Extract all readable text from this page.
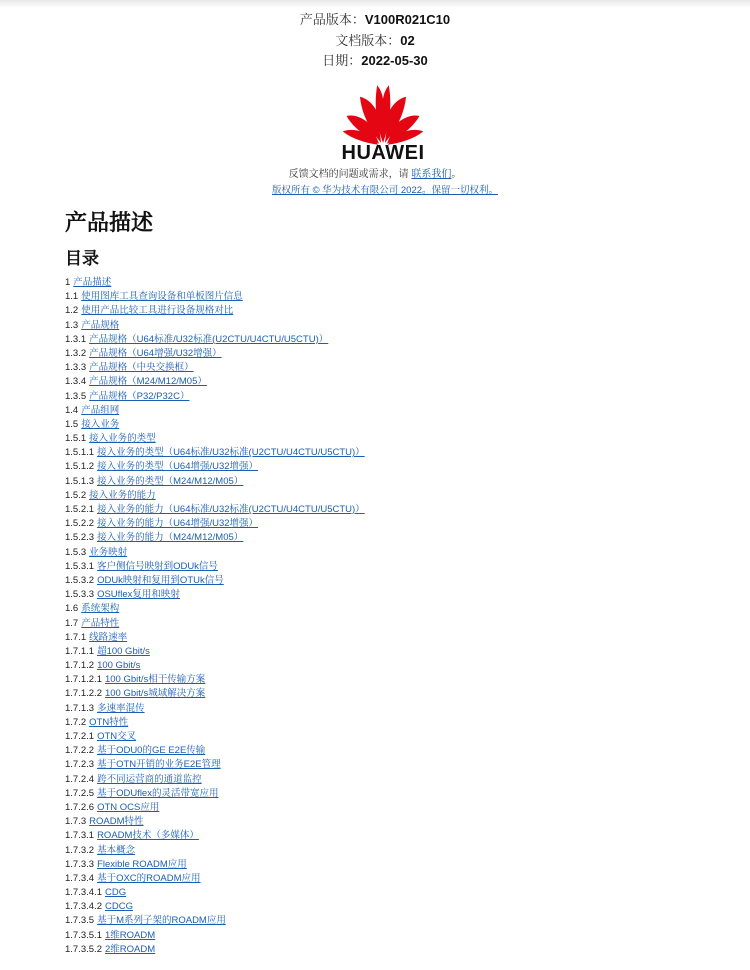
产品版本：V100R021C10
文档版本：02
日期：2022-05-30
HUAWEI
反馈文档的问题或需求，请 联系我们。
版权所有 © 华为技术有限公司 2022。保留一切权利。
产品描述
目录
1 产品描述
1.1 使用图库工具查询设备和单板图片信息
1.2 使用产品比较工具进行设备规格对比
1.3 产品规格
1.3.1 产品规格（U64标准/U32标准(U2CTU/U4CTU/U5CTU)）
1.3.2 产品规格（U64增强/U32增强）
1.3.3 产品规格（中央交换框）
1.3.4 产品规格（M24/M12/M05）
1.3.5 产品规格（P32/P32C）
1.4 产品组网
1.5 接入业务
1.5.1 接入业务的类型
1.5.1.1 接入业务的类型（U64标准/U32标准(U2CTU/U4CTU/U5CTU)）
1.5.1.2 接入业务的类型（U64增强/U32增强）
1.5.1.3 接入业务的类型（M24/M12/M05）
1.5.2 接入业务的能力
1.5.2.1 接入业务的能力（U64标准/U32标准(U2CTU/U4CTU/U5CTU)）
1.5.2.2 接入业务的能力（U64增强/U32增强）
1.5.2.3 接入业务的能力（M24/M12/M05）
1.5.3 业务映射
1.5.3.1 客户侧信号映射到ODUk信号
1.5.3.2 ODUk映射和复用到OTUk信号
1.5.3.3 OSUflex复用和映射
1.6 系统架构
1.7 产品特性
1.7.1 线路速率
1.7.1.1 超100 Gbit/s
1.7.1.2 100 Gbit/s
1.7.1.2.1 100 Gbit/s相干传输方案
1.7.1.2.2 100 Gbit/s城域解决方案
1.7.1.3 多速率混传
1.7.2 OTN特性
1.7.2.1 OTN交叉
1.7.2.2 基于ODU0的GE E2E传输
1.7.2.3 基于OTN开销的业务E2E管理
1.7.2.4 跨不同运营商的通道监控
1.7.2.5 基于ODUflex的灵活带宽应用
1.7.2.6 OTN OCS应用
1.7.3 ROADM特性
1.7.3.1 ROADM技术（多媒体）
1.7.3.2 基本概念
1.7.3.3 Flexible ROADM应用
1.7.3.4 基于OXC的ROADM应用
1.7.3.4.1 CDG
1.7.3.4.2 CDCG
1.7.3.5 基于M系列子架的ROADM应用
1.7.3.5.1 1维ROADM
1.7.3.5.2 2维ROADM
